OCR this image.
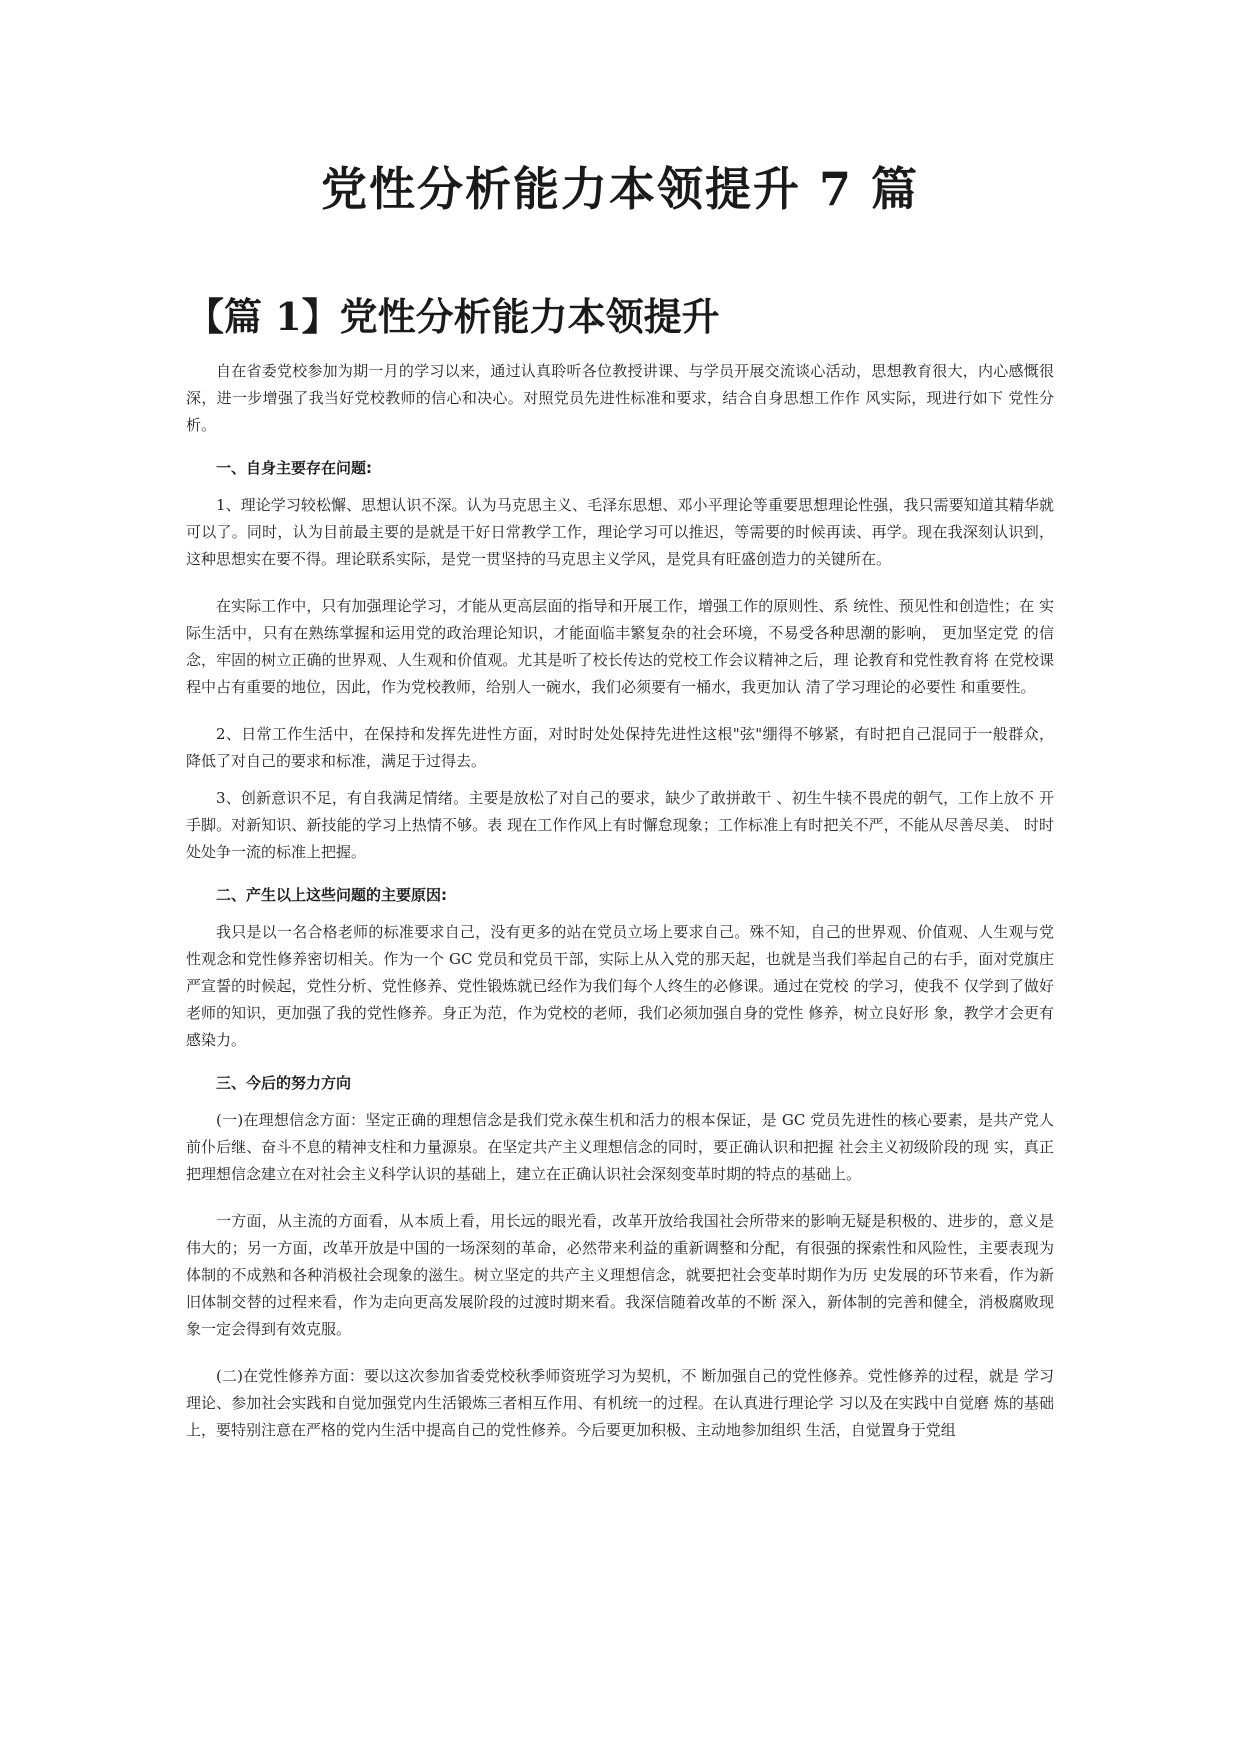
党性分析能力本领提升 7 篇
【篇 1】党性分析能力本领提升

自在省委党校参加为期一月的学习以来，通过认真聆听各位教授讲课、与学员开展交流谈心活动，思想教育很大，内心感慨很深，进一步增强了我当好党校教师的信心和决心。对照党员先进性标准和要求，结合自身思想工作作 风实际，现进行如下 党性分析。

一、自身主要存在问题:

1、理论学习较松懈、思想认识不深。认为马克思主义、毛泽东思想、邓小平理论等重要思想理论性强，我只需要知道其精华就可以了。同时，认为目前最主要的是就是干好日常教学工作，理论学习可以推迟，等需要的时候再读、再学。现在我深刻认识到，这种思想实在要不得。理论联系实际，是党一贯坚持的马克思主义学风，是党具有旺盛创造力的关键所在。

在实际工作中，只有加强理论学习，才能从更高层面的指导和开展工作，增强工作的原则性、系 统性、预见性和创造性；在 实际生活中，只有在熟练掌握和运用党的政治理论知识，才能面临丰繁复杂的社会环境，不易受各种思潮的影响， 更加坚定党 的信念，牢固的树立正确的世界观、人生观和价值观。尤其是听了校长传达的党校工作会议精神之后，理 论教育和党性教育将 在党校课程中占有重要的地位，因此，作为党校教师，给别人一碗水，我们必须要有一桶水，我更加认 清了学习理论的必要性 和重要性。

2、日常工作生活中，在保持和发挥先进性方面，对时时处处保持先进性这根"弦"绷得不够紧，有时把自己混同于一般群众， 降低了对自己的要求和标准，满足于过得去。

3、创新意识不足，有自我满足情绪。主要是放松了对自己的要求，缺少了敢拼敢干 、初生牛犊不畏虎的朝气，工作上放不 开手脚。对新知识、新技能的学习上热情不够。表 现在工作作风上有时懈怠现象；工作标准上有时把关不严，不能从尽善尽美、 时时处处争一流的标准上把握。

二、产生以上这些问题的主要原因:

我只是以一名合格老师的标准要求自己，没有更多的站在党员立场上要求自己。殊不知，自己的世界观、价值观、人生观与党性观念和党性修养密切相关。作为一个 GC 党员和党员干部，实际上从入党的那天起，也就是当我们举起自己的右手，面对党旗庄严宣誓的时候起，党性分析、党性修养、党性锻炼就已经作为我们每个人终生的必修课。通过在党校 的学习，使我不 仅学到了做好老师的知识，更加强了我的党性修养。身正为范，作为党校的老师，我们必须加强自身的党性 修养，树立良好形 象，教学才会更有感染力。

三、今后的努力方向

(一)在理想信念方面：坚定正确的理想信念是我们党永葆生机和活力的根本保证，是 GC 党员先进性的核心要素，是共产党人前仆后继、奋斗不息的精神支柱和力量源泉。在坚定共产主义理想信念的同时，要正确认识和把握 社会主义初级阶段的现 实，真正把理想信念建立在对社会主义科学认识的基础上，建立在正确认识社会深刻变革时期的特点的基础上。

一方面，从主流的方面看，从本质上看，用长远的眼光看，改革开放给我国社会所带来的影响无疑是积极的、进步的，意义是伟大的；另一方面，改革开放是中国的一场深刻的革命，必然带来利益的重新调整和分配，有很强的探索性和风险性，主要表现为体制的不成熟和各种消极社会现象的滋生。树立坚定的共产主义理想信念，就要把社会变革时期作为历 史发展的环节来看，作为新旧体制交替的过程来看，作为走向更高发展阶段的过渡时期来看。我深信随着改革的不断 深入，新体制的完善和健全，消极腐败现象一定会得到有效克服。

(二)在党性修养方面：要以这次参加省委党校秋季师资班学习为契机，不 断加强自己的党性修养。党性修养的过程，就是 学习理论、参加社会实践和自觉加强党内生活锻炼三者相互作用、有机统一的过程。在认真进行理论学 习以及在实践中自觉磨 炼的基础上，要特别注意在严格的党内生活中提高自己的党性修养。今后要更加积极、主动地参加组织 生活，自觉置身于党组
